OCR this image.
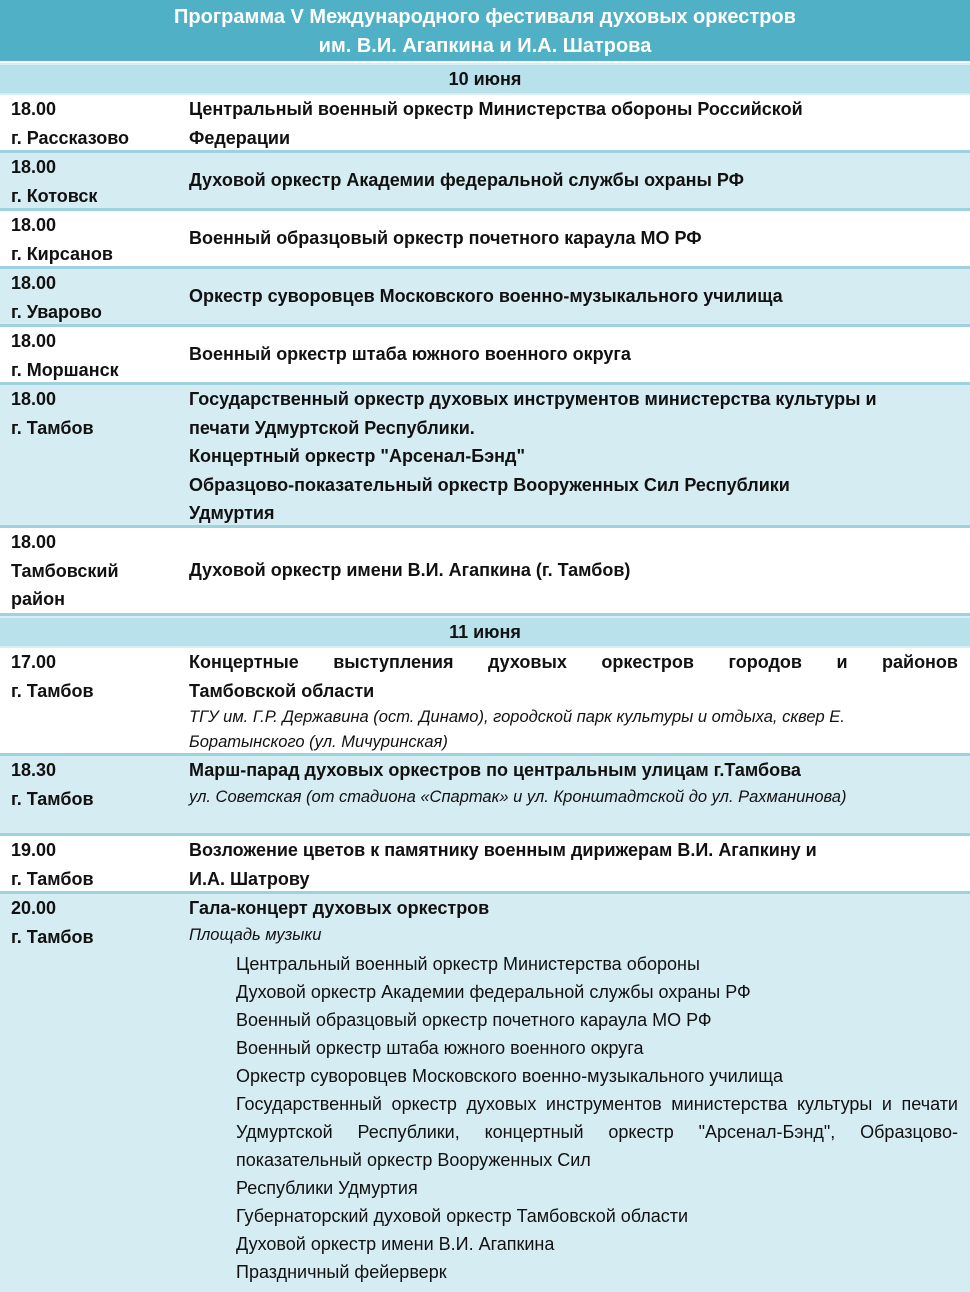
Программа V Международного фестиваля духовых оркестров
им. В.И. Агапкина и И.А. Шатрова
10 июня
18.00
г. Рассказово
Центральный военный оркестр Министерства обороны Российской
Федерации
18.00
г. Котовск
Духовой оркестр Академии федеральной службы охраны РФ
18.00
г. Кирсанов
Военный образцовый оркестр почетного караула МО РФ
18.00
г. Уварово
Оркестр суворовцев Московского военно-музыкального училища
18.00
г. Моршанск
Военный оркестр штаба южного военного округа
18.00
г. Тамбов
Государственный оркестр духовых инструментов министерства культуры и
печати Удмуртской Республики.
Концертный оркестр "Арсенал-Бэнд"
Образцово-показательный оркестр Вооруженных Сил Республики
Удмуртия
18.00
Тамбовский
район
Духовой оркестр имени В.И. Агапкина (г. Тамбов)
11 июня
17.00
г. Тамбов
Концертные выступления духовых оркестров городов и районов
Тамбовской области
ТГУ им. Г.Р. Державина (ост. Динамо), городской парк культуры и отдыха, сквер Е. Боратынского (ул. Мичуринская)
18.30
г. Тамбов
Марш-парад духовых оркестров по центральным улицам г.Тамбова
ул. Советская (от стадиона «Спартак» и ул. Кронштадтской до ул. Рахманинова)
19.00
г. Тамбов
Возложение цветов к памятнику военным дирижерам В.И. Агапкину и
И.А. Шатрову
20.00
г. Тамбов
Гала-концерт духовых оркестров
Площадь музыки
Центральный военный оркестр Министерства обороны
Духовой оркестр Академии федеральной службы охраны РФ
Военный образцовый оркестр почетного караула МО РФ
Военный оркестр штаба южного военного округа
Оркестр суворовцев Московского военно-музыкального училища
Государственный оркестр духовых инструментов министерства культуры и печати Удмуртской Республики, концертный оркестр "Арсенал-Бэнд", Образцово-показательный оркестр Вооруженных Сил
Республики Удмуртия
Губернаторский духовой оркестр Тамбовской области
Духовой оркестр имени В.И. Агапкина
Праздничный фейерверк
